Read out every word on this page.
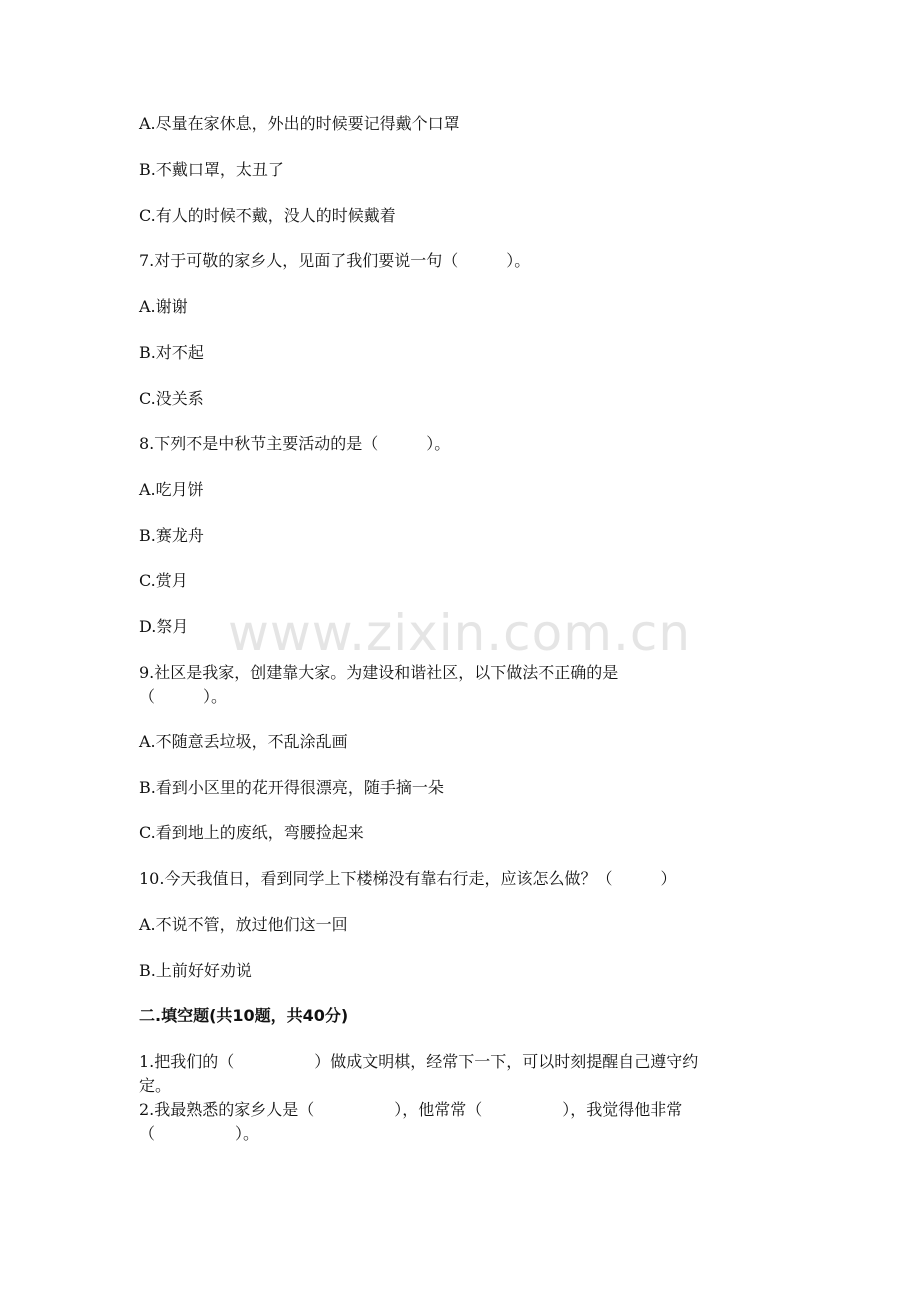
www.zixin.com.cn
A.尽量在家休息，外出的时候要记得戴个口罩
B.不戴口罩，太丑了
C.有人的时候不戴，没人的时候戴着
7.对于可敬的家乡人，见面了我们要说一句（　　　）。
A.谢谢
B.对不起
C.没关系
8.下列不是中秋节主要活动的是（　　　）。
A.吃月饼
B.赛龙舟
C.赏月
D.祭月
9.社区是我家，创建靠大家。为建设和谐社区，以下做法不正确的是
（　　　）。
A.不随意丢垃圾，不乱涂乱画
B.看到小区里的花开得很漂亮，随手摘一朵
C.看到地上的废纸，弯腰捡起来
10.今天我值日，看到同学上下楼梯没有靠右行走，应该怎么做？（　　　）
A.不说不管，放过他们这一回
B.上前好好劝说
二.填空题(共10题，共40分)
1.把我们的（　　　　　）做成文明棋，经常下一下，可以时刻提醒自己遵守约
定。
2.我最熟悉的家乡人是（　　　　　），他常常（　　　　　），我觉得他非常
（　　　　　）。
